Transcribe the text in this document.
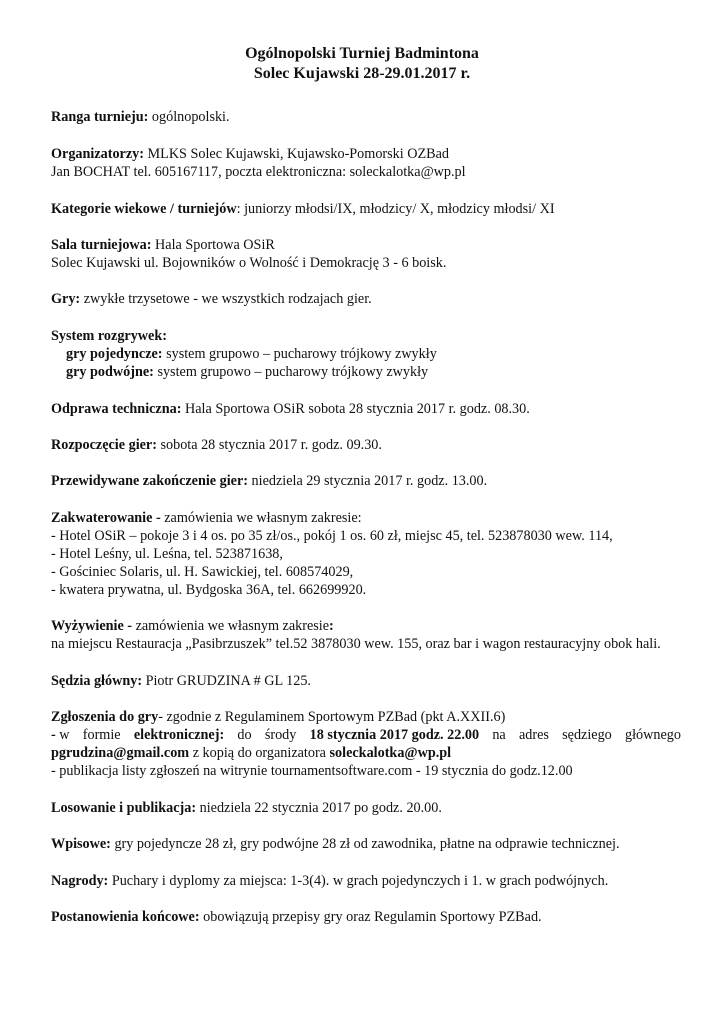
Ogólnopolski Turniej Badmintona
Solec Kujawski 28-29.01.2017 r.
Ranga turnieju: ogólnopolski.
Organizatorzy: MLKS Solec Kujawski, Kujawsko-Pomorski OZBad
Jan BOCHAT tel. 605167117, poczta elektroniczna: soleckalotka@wp.pl
Kategorie wiekowe / turniejów: juniorzy młodsi/IX, młodzicy/ X, młodzicy młodsi/ XI
Sala turniejowa: Hala Sportowa OSiR
Solec Kujawski ul. Bojowników o Wolność i Demokrację 3 - 6 boisk.
Gry: zwykłe trzysetowe - we wszystkich rodzajach gier.
System rozgrywek:
gry pojedyncze: system grupowo – pucharowy trójkowy zwykły
gry podwójne: system grupowo – pucharowy trójkowy zwykły
Odprawa techniczna: Hala Sportowa OSiR sobota 28 stycznia 2017 r. godz. 08.30.
Rozpoczęcie gier: sobota 28 stycznia 2017 r. godz. 09.30.
Przewidywane zakończenie gier: niedziela 29 stycznia 2017 r. godz. 13.00.
Zakwaterowanie - zamówienia we własnym zakresie:
- Hotel OSiR – pokoje 3 i 4 os. po 35 zł/os., pokój 1 os. 60 zł, miejsc 45, tel. 523878030 wew. 114,
- Hotel Leśny, ul. Leśna, tel. 523871638,
- Gościniec Solaris, ul. H. Sawickiej, tel. 608574029,
- kwatera prywatna, ul. Bydgoska 36A, tel. 662699920.
Wyżywienie - zamówienia we własnym zakresie:
na miejscu Restauracja „Pasibrzuszek” tel.52 3878030 wew. 155, oraz bar i wagon restauracyjny obok hali.
Sędzia główny: Piotr GRUDZINA # GL 125.
Zgłoszenia do gry- zgodnie z Regulaminem Sportowym PZBad (pkt A.XXII.6)
- w formie elektronicznej: do środy 18 stycznia 2017 godz. 22.00 na adres sędziego głównego
pgrudzina@gmail.com z kopią do organizatora soleckalotka@wp.pl
- publikacja listy zgłoszeń na witrynie tournamentsoftware.com - 19 stycznia do godz.12.00
Losowanie i publikacja: niedziela 22 stycznia 2017 po godz. 20.00.
Wpisowe: gry pojedyncze 28 zł, gry podwójne 28 zł od zawodnika, płatne na odprawie technicznej.
Nagrody: Puchary i dyplomy za miejsca: 1-3(4). w grach pojedynczych i 1. w grach podwójnych.
Postanowienia końcowe: obowiązują przepisy gry oraz Regulamin Sportowy PZBad.
